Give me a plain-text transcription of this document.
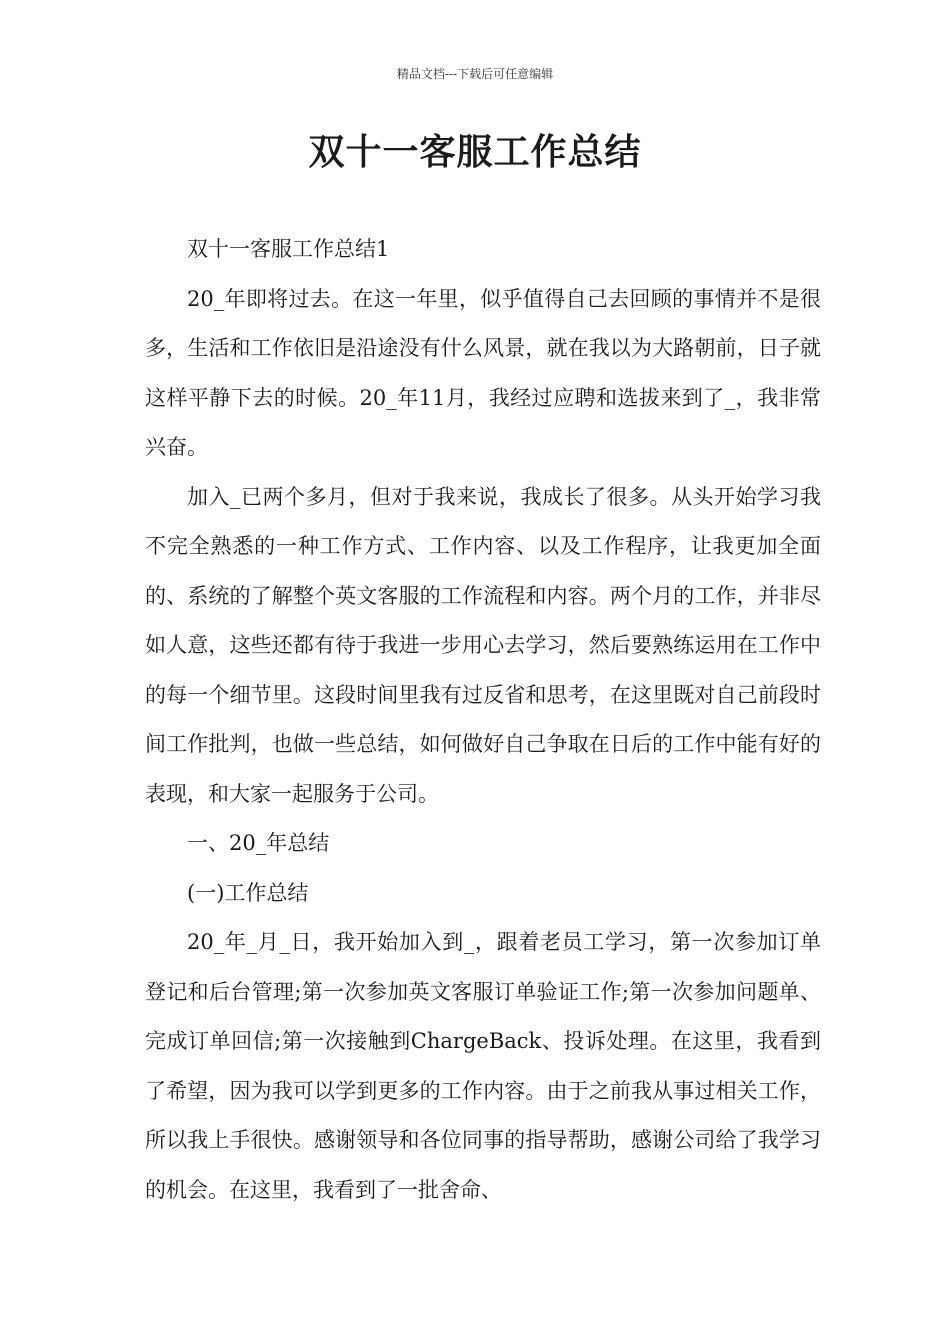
精品文档---下载后可任意编辑
双十一客服工作总结

双十一客服工作总结1

20_年即将过去。在这一年里，似乎值得自己去回顾的事情并不是很多，生活和工作依旧是沿途没有什么风景，就在我以为大路朝前，日子就这样平静下去的时候。20_年11月，我经过应聘和选拔来到了_，我非常兴奋。

加入_已两个多月，但对于我来说，我成长了很多。从头开始学习我不完全熟悉的一种工作方式、工作内容、以及工作程序，让我更加全面的、系统的了解整个英文客服的工作流程和内容。两个月的工作，并非尽如人意，这些还都有待于我进一步用心去学习，然后要熟练运用在工作中的每一个细节里。这段时间里我有过反省和思考，在这里既对自己前段时间工作批判，也做一些总结，如何做好自己争取在日后的工作中能有好的表现，和大家一起服务于公司。

一、20_年总结

(一)工作总结

20_年_月_日，我开始加入到_，跟着老员工学习，第一次参加订单登记和后台管理;第一次参加英文客服订单验证工作;第一次参加问题单、完成订单回信;第一次接触到ChargeBack、投诉处理。在这里，我看到了希望，因为我可以学到更多的工作内容。由于之前我从事过相关工作，所以我上手很快。感谢领导和各位同事的指导帮助，感谢公司给了我学习的机会。在这里，我看到了一批舍命、
